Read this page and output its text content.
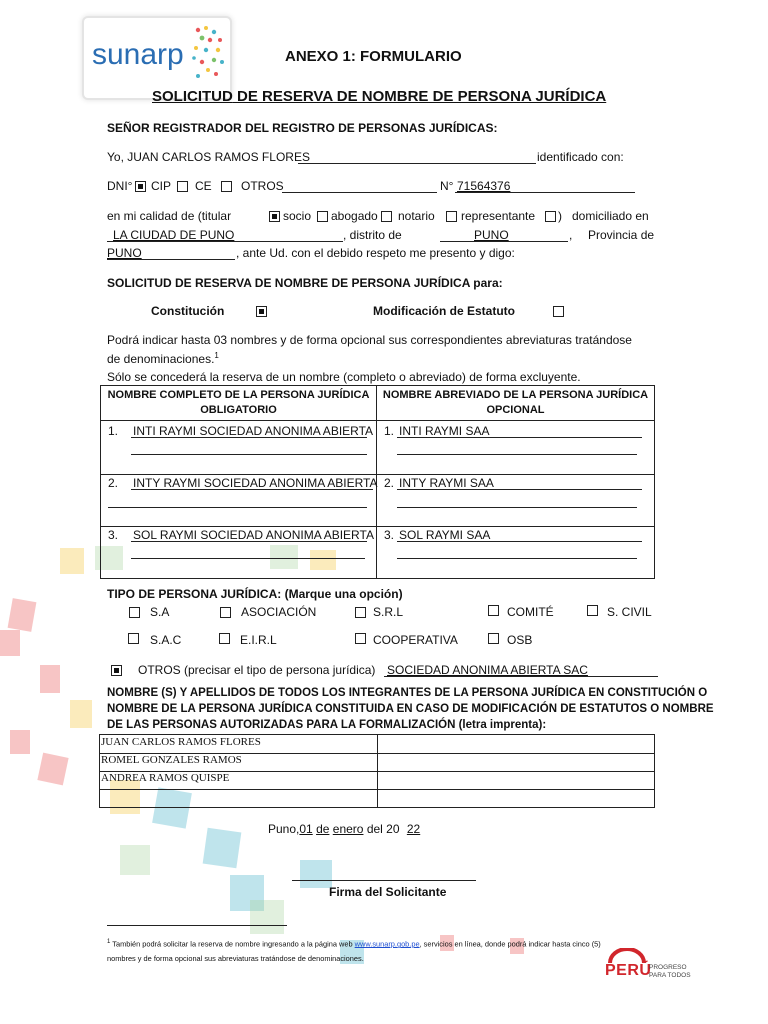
sunarp	ANEXO 1: FORMULARIO
SOLICITUD DE RESERVA DE NOMBRE DE PERSONA JURÍDICA
SEÑOR REGISTRADOR DEL REGISTRO DE PERSONAS JURÍDICAS:
Yo, JUAN CARLOS RAMOS FLORES	identificado con:
DNI° CIP CE OTROS	N° 71564376
en mi calidad de (titular	socio abogado notario representante ) domiciliado en
LA CIUDAD DE PUNO	, distrito de	PUNO	, Provincia de
PUNO	, ante Ud. con el debido respeto me presento y digo:
SOLICITUD DE RESERVA DE NOMBRE DE PERSONA JURÍDICA para:
Constitución	Modificación de Estatuto
Podrá indicar hasta 03 nombres y de forma opcional sus correspondientes abreviaturas tratándose
de denominaciones.$^1$
Sólo se concederá la reserva de un nombre (completo o abreviado) de forma excluyente.
NOMBRE COMPLETO DE LA PERSONA JURÍDICA
OBLIGATORIO
NOMBRE ABREVIADO DE LA PERSONA JURÍDICA
OPCIONAL
1. INTI RAYMI SOCIEDAD ANONIMA ABIERTA 1. INTI RAYMI SAA
2. INTY RAYMI SOCIEDAD ANONIMA ABIERTA 2. INTY RAYMI SAA
3. SOL RAYMI SOCIEDAD ANONIMA ABIERTA 3. SOL RAYMI SAA
TIPO DE PERSONA JURÍDICA: (Marque una opción)
S.A	ASOCIACIÓN	S.R.L	COMITÉ	S. CIVIL
S.A.C	E.I.R.L	COOPERATIVA	OSB
OTROS (precisar el tipo de persona jurídica) SOCIEDAD ANONIMA ABIERTA SAC
NOMBRE (S) Y APELLIDOS DE TODOS LOS INTEGRANTES DE LA PERSONA JURÍDICA EN CONSTITUCIÓN O
NOMBRE DE LA PERSONA JURÍDICA CONSTITUIDA EN CASO DE MODIFICACIÓN DE ESTATUTOS O NOMBRE
DE LAS PERSONAS AUTORIZADAS PARA LA FORMALIZACIÓN (letra imprenta):
JUAN CARLOS RAMOS FLORES
ROMEL GONZALES RAMOS
ANDREA RAMOS QUISPE
Puno,01 de enero del 20 22
Firma del Solicitante
$^1$ También podrá solicitar la reserva de nombre ingresando a la página web www.sunarp.gob.pe, servicios en línea, donde podrá indicar hasta cinco (5)
nombres y de forma opcional sus abreviaturas tratándose de denominaciones.
PERÚ
PROGRESO
PARA TODOS
